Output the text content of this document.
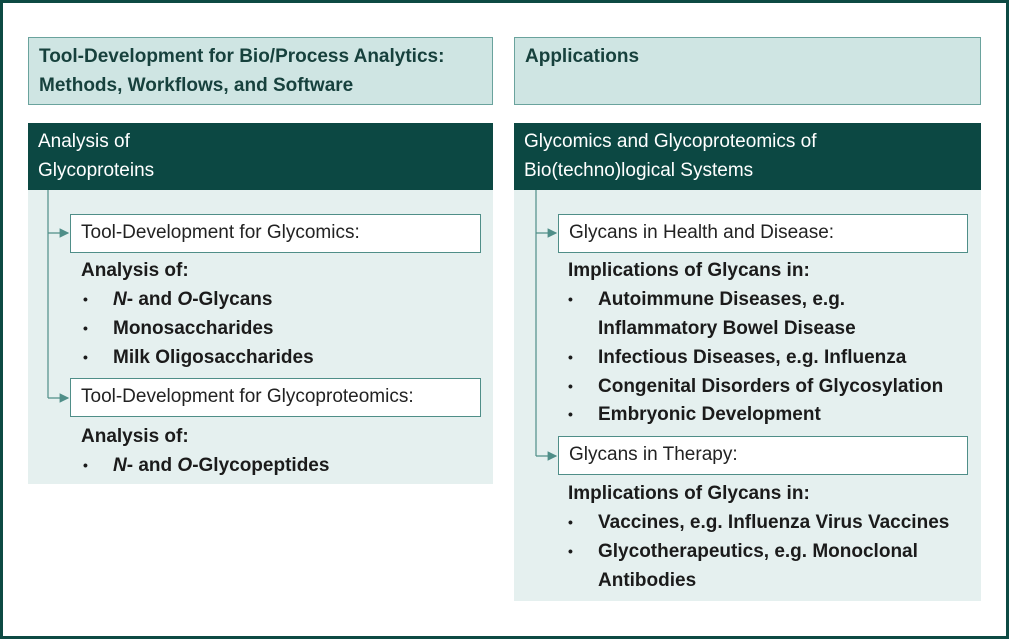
Tool-Development for Bio/Process Analytics:
Methods, Workflows, and Software
Analysis of
Glycoproteins
Tool-Development for Glycomics:
Analysis of:
•	N- and O-Glycans
•	Monosaccharides
•	Milk Oligosaccharides
Tool-Development for Glycoproteomics:
Analysis of:
•	N- and O-Glycopeptides
Applications
Glycomics and Glycoproteomics of
Bio(techno)logical Systems
Glycans in Health and Disease:
Implications of Glycans in:
•	Autoimmune Diseases, e.g.
Inflammatory Bowel Disease
•	Infectious Diseases, e.g. Influenza
•	Congenital Disorders of Glycosylation
•	Embryonic Development
Glycans in Therapy:
Implications of Glycans in:
•	Vaccines, e.g. Influenza Virus Vaccines
•	Glycotherapeutics, e.g. Monoclonal
Antibodies
